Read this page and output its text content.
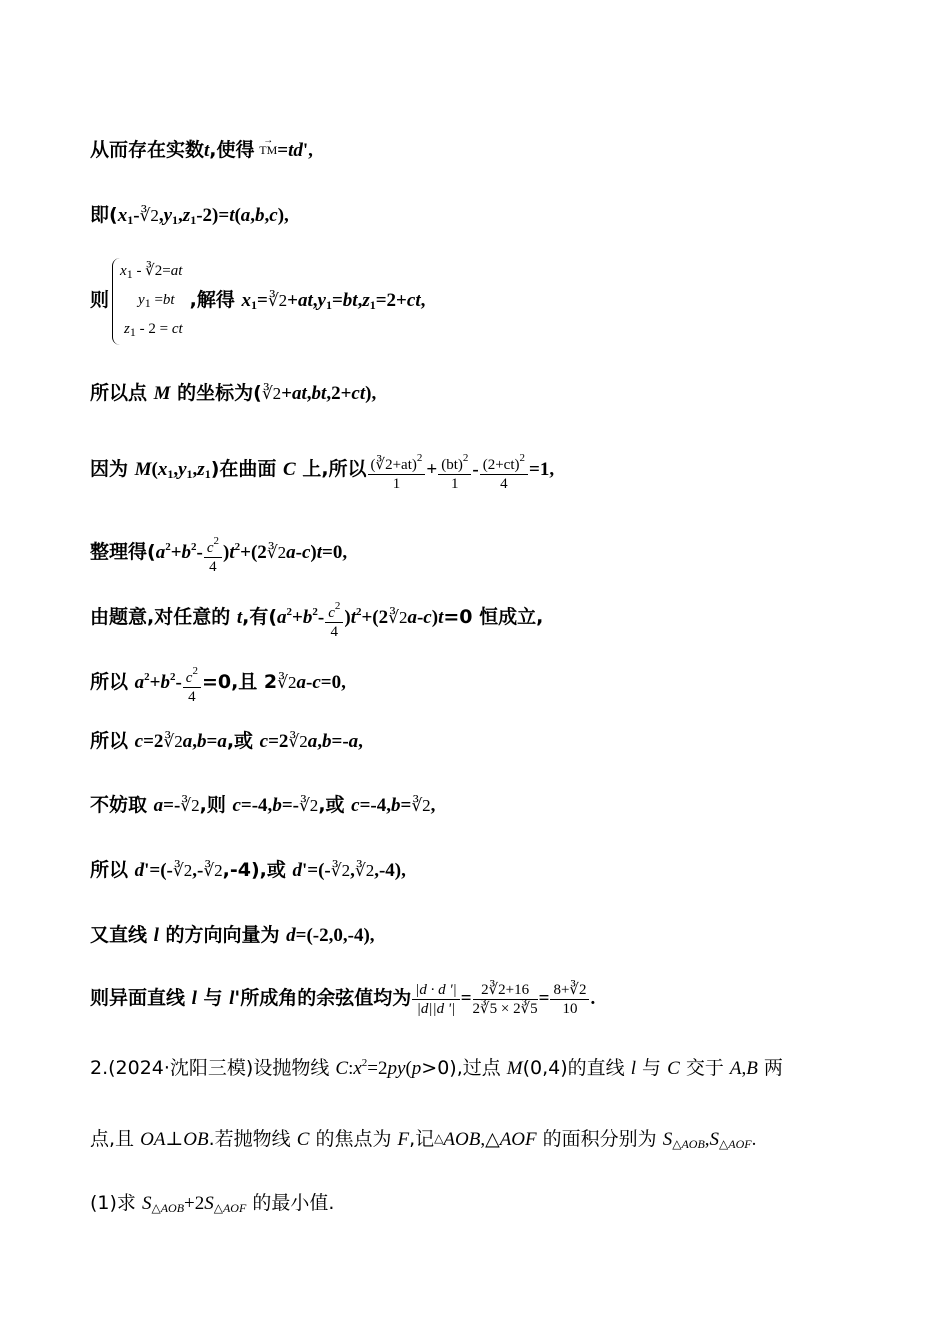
从而存在实数t,使得 → TM=td',
即$(x_1-∛2,y_1,z_1-2)=t(a,b,c)$,
则
$x_1$ - ∛2=at
$y_1 =bt$
$z_1 - 2$ = ct
,解得 $x_1=∛2+at,y_1=bt,z_1=2+ct$,
所以点 M 的坐标为(∛2+at,bt,2+ct),
因为 $M(x_1,y_1,z_1)$在曲面 C 上,所以 $\frac{(∛2+at)^2}{1} + \frac{(bt)^2}{1} - \frac{(2+ct)^2}{4} =1$,
整理得($a^2+b^2- \frac{c^2}{4}$ )$t^2+(2∛2a-c)t=0$,
由题意,对任意的 t,有($a^2+b^2- \frac{c^2}{4}$ )$t^2+(2∛2a-c)t=0$ 恒成立,
所以 $a^2+b^2- \frac{c^2}{4} =0$,且 2∛2a-c=0,
所以 c=2∛2a,b=a,或 c=2∛2a,b=-a,
不妨取 a=-∛2,则 c=-4,b=-∛2,或 c=-4,b=∛2,
所以 d'=(-∛2,-∛2,-4),或 d'=(-∛2,∛2,-4),
又直线 l 的方向向量为 d=(-2,0,-4),
则异面直线 l 与 l'所成角的余弦值均为 $\frac{|d \cdot d '|}{|d||d '|} = \frac{2∛2+16}{2∛5 \times 2∛5} = \frac{8+∛2}{10}$ .
2.(2024·沈阳三模)设抛物线 $C:x^2=2py(p>0)$,过点 M(0,4)的直线 l 与 C 交于 A,B 两
点,且 OA⊥OB.若抛物线 C 的焦点为 F,记△AOB,△AOF 的面积分别为 $S_{\triangle AOB},S_{\triangle AOF}$.
(1)求 $S_{\triangle AOB}+2S_{\triangle AOF}$ 的最小值.
